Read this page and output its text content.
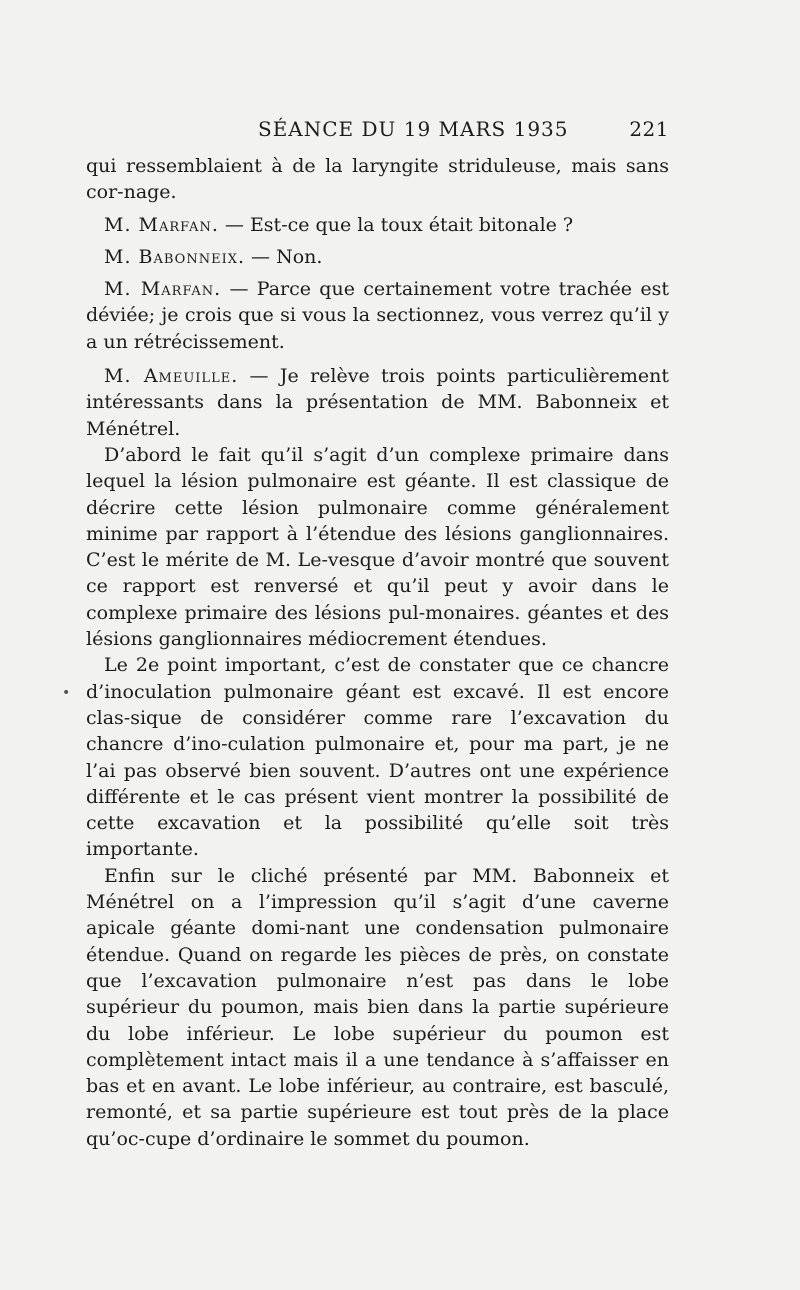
SÉANCE DU 19 MARS 1935	221

qui ressemblaient à de la laryngite striduleuse, mais sans cor-nage.

M. Marfan. — Est-ce que la toux était bitonale ?

M. Babonneix. — Non.

M. Marfan. — Parce que certainement votre trachée est déviée; je crois que si vous la sectionnez, vous verrez qu’il y a un rétrécissement.

M. Ameuille. — Je relève trois points particulièrement intéressants dans la présentation de MM. Babonneix et Ménétrel.

D’abord le fait qu’il s’agit d’un complexe primaire dans lequel la lésion pulmonaire est géante. Il est classique de décrire cette lésion pulmonaire comme généralement minime par rapport à l’étendue des lésions ganglionnaires. C’est le mérite de M. Le-vesque d’avoir montré que souvent ce rapport est renversé et qu’il peut y avoir dans le complexe primaire des lésions pul-monaires. géantes et des lésions ganglionnaires médiocrement étendues.

Le 2e point important, c’est de constater que ce chancre d’inoculation pulmonaire géant est excavé. Il est encore clas-sique de considérer comme rare l’excavation du chancre d’ino-culation pulmonaire et, pour ma part, je ne l’ai pas observé bien souvent. D’autres ont une expérience différente et le cas présent vient montrer la possibilité de cette excavation et la possibilité qu’elle soit très importante.

Enfin sur le cliché présenté par MM. Babonneix et Ménétrel on a l’impression qu’il s’agit d’une caverne apicale géante domi-nant une condensation pulmonaire étendue. Quand on regarde les pièces de près, on constate que l’excavation pulmonaire n’est pas dans le lobe supérieur du poumon, mais bien dans la partie supérieure du lobe inférieur. Le lobe supérieur du poumon est complètement intact mais il a une tendance à s’affaisser en bas et en avant. Le lobe inférieur, au contraire, est basculé, remonté, et sa partie supérieure est tout près de la place qu’oc-cupe d’ordinaire le sommet du poumon.

•
